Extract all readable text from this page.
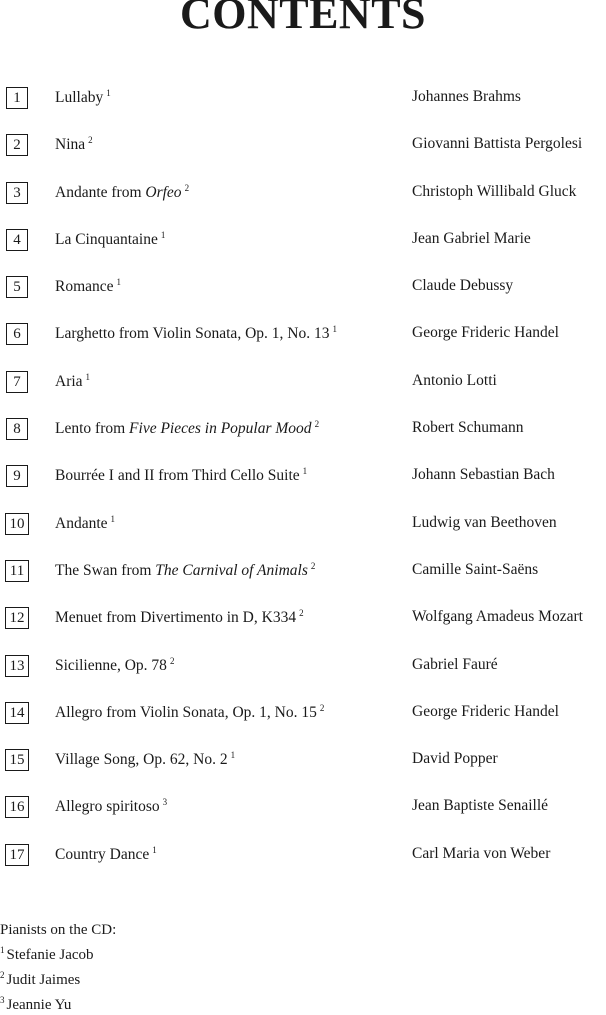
CONTENTS
1	Lullaby $^1$	Johannes Brahms
2	Nina $^2$	Giovanni Battista Pergolesi
3	Andante from Orfeo $^2$	Christoph Willibald Gluck
4	La Cinquantaine $^1$	Jean Gabriel Marie
5	Romance $^1$	Claude Debussy
6	Larghetto from Violin Sonata, Op. 1, No. 13 $^1$	George Frideric Handel
7	Aria $^1$	Antonio Lotti
8	Lento from Five Pieces in Popular Mood $^2$	Robert Schumann
9	Bourrée I and II from Third Cello Suite $^1$	Johann Sebastian Bach
10 Andante $^1$	Ludwig van Beethoven
11	The Swan from The Carnival of Animals $^2$	Camille Saint-Saëns
12 Menuet from Divertimento in D, K334 $^2$	Wolfgang Amadeus Mozart
13 Sicilienne, Op. 78 $^2$	Gabriel Fauré
14 Allegro from Violin Sonata, Op. 1, No. 15 $^2$	George Frideric Handel
15 Village Song, Op. 62, No. 2 $^1$	David Popper
16 Allegro spiritoso $^3$	Jean Baptiste Senaillé
17 Country Dance $^1$	Carl Maria von Weber
Pianists on the CD:
$^1$ Stefanie Jacob
$^2$ Judit Jaimes
$^3$ Jeannie Yu
